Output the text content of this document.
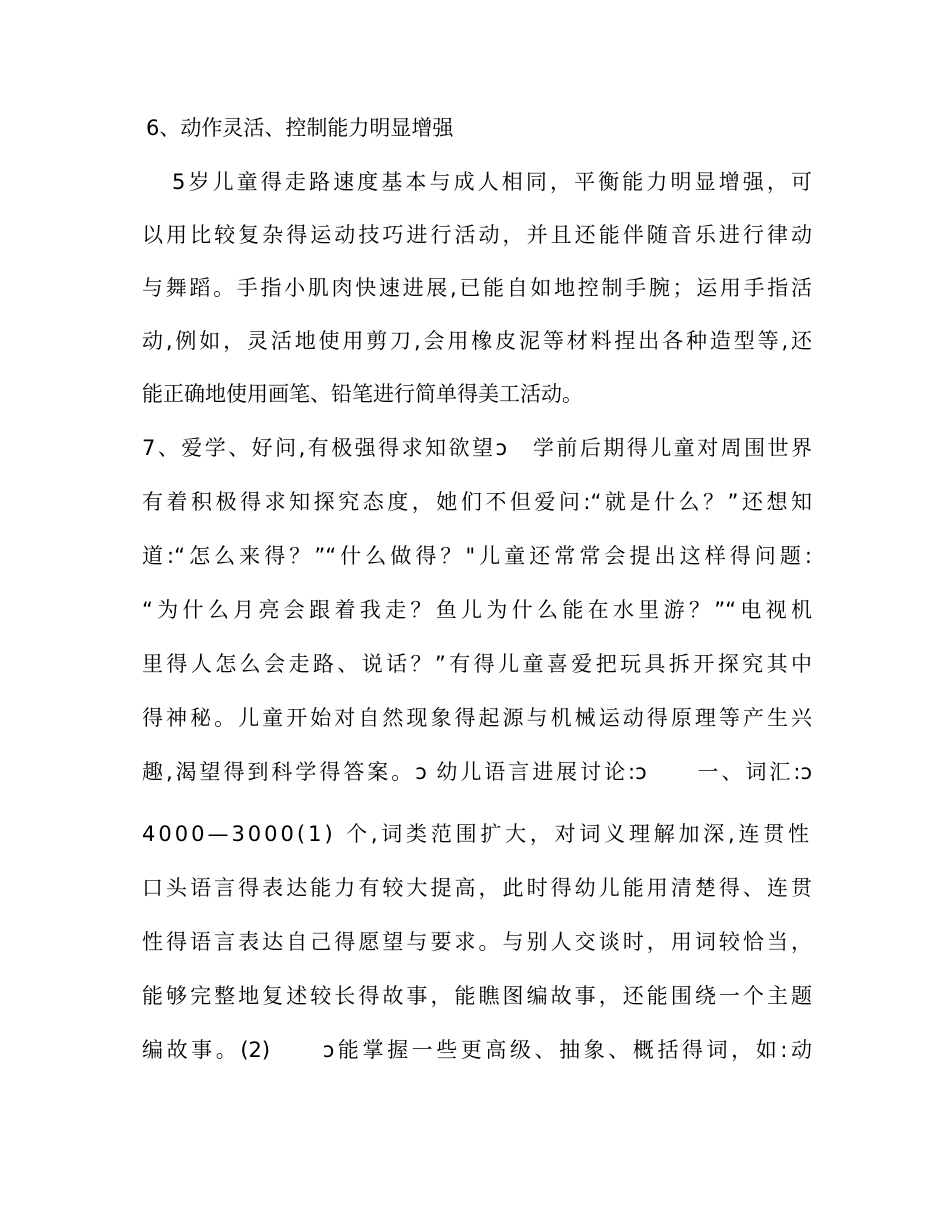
6、动作灵活、控制能力明显增强
5岁儿童得走路速度基本与成人相同，平衡能力明显增强，可
以用比较复杂得运动技巧进行活动，并且还能伴随音乐进行律动
与舞蹈。手指小肌肉快速进展,已能自如地控制手腕；运用手指活
动,例如，灵活地使用剪刀,会用橡皮泥等材料捏出各种造型等,还
能正确地使用画笔、铅笔进行简单得美工活动。
7、爱学、好问,有极强得求知欲望ↄ　学前后期得儿童对周围世界
有着积极得求知探究态度，她们不但爱问:“就是什么？”还想知
道:“怎么来得？”“什么做得？"儿童还常常会提出这样得问题:
“为什么月亮会跟着我走？鱼儿为什么能在水里游？”“电视机
里得人怎么会走路、说话？”有得儿童喜爱把玩具拆开探究其中
得神秘。儿童开始对自然现象得起源与机械运动得原理等产生兴
趣,渴望得到科学得答案。ↄ 幼儿语言进展讨论:ↄ　　一、词汇:ↄ
4000—3000(1) 个,词类范围扩大，对词义理解加深,连贯性
口头语言得表达能力有较大提高，此时得幼儿能用清楚得、连贯
性得语言表达自己得愿望与要求。与别人交谈时，用词较恰当，
能够完整地复述较长得故事，能瞧图编故事，还能围绕一个主题
编故事。(2)　　ↄ能掌握一些更高级、抽象、概括得词，如:动
